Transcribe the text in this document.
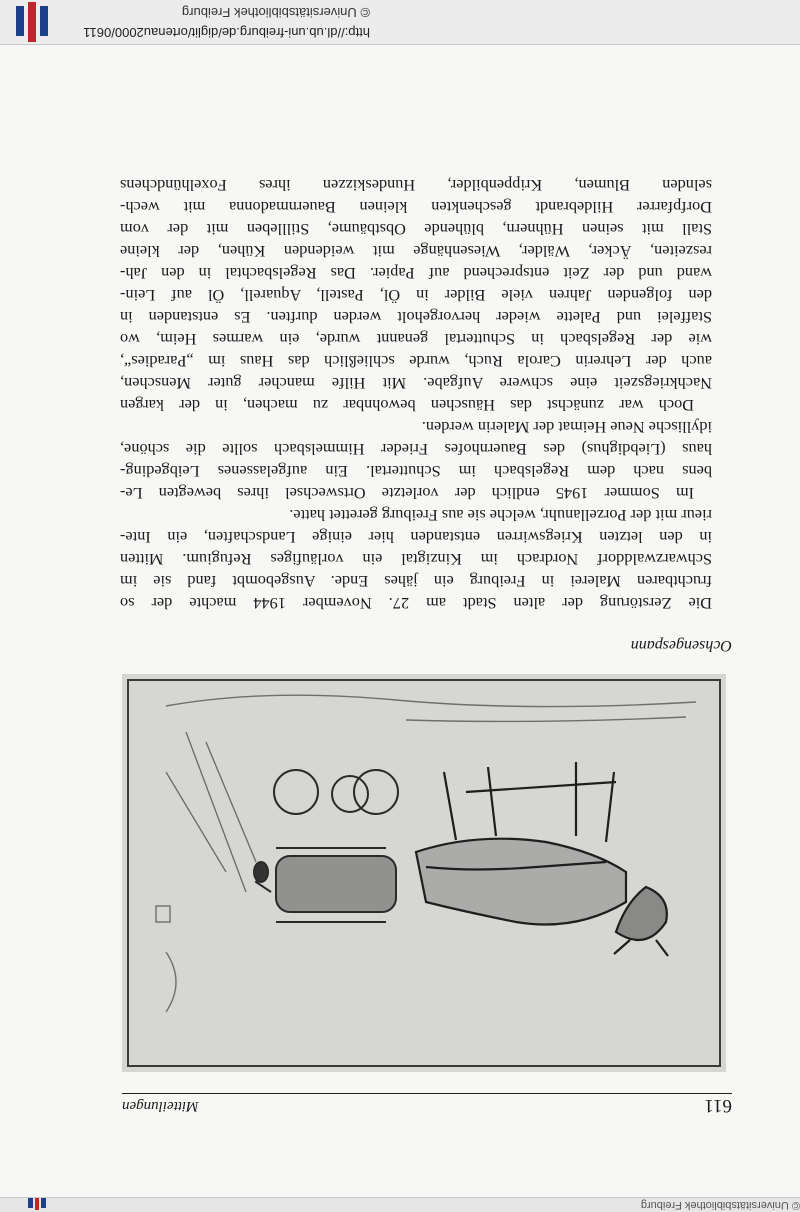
© Universitätsbibliothek Freiburg
611
Mitteilungen
Ochsengespann

Die Zerstörung der alten Stadt am 27. November 1944 machte der so
fruchtbaren Malerei in Freiburg ein jähes Ende. Ausgebombt fand sie im
Schwarzwalddorf Nordrach im Kinzigtal ein vorläufiges Refugium. Mitten
in den letzten Kriegswirren entstanden hier einige Landschaften, ein Inte-
rieur mit der Porzellanuhr, welche sie aus Freiburg gerettet hatte.

Im Sommer 1945 endlich der vorletzte Ortswechsel ihres bewegten Le-
bens nach dem Regelsbach im Schuttertal. Ein aufgelassenes Leibgeding-
haus (Liebdighus) des Bauernhofes Frieder Himmelsbach sollte die schöne,
idyllische Neue Heimat der Malerin werden.

Doch war zunächst das Häuschen bewohnbar zu machen, in der kargen
Nachkriegszeit eine schwere Aufgabe. Mit Hilfe mancher guter Menschen,
auch der Lehrerin Carola Ruch, wurde schließlich das Haus im „Paradies“,
wie der Regelsbach in Schuttertal genannt wurde, ein warmes Heim, wo
Staffelei und Palette wieder hervorgeholt werden durften. Es entstanden in
den folgenden Jahren viele Bilder in Öl, Pastell, Aquarell, Öl auf Lein-
wand und der Zeit entsprechend auf Papier. Das Regelsbachtal in den Jah-
reszeiten, Äcker, Wälder, Wiesenhänge mit weidenden Kühen, der kleine
Stall mit seinen Hühnern, blühende Obstbäume, Stillleben mit der vom
Dorfpfarrer Hildebrandt geschenkten kleinen Bauernmadonna mit wech-
selnden Blumen, Krippenbilder, Hundeskizzen ihres Foxelhündchens

http://dl.ub.uni-freiburg.de/diglit/ortenau2000/0611
© Universitätsbibliothek Freiburg
